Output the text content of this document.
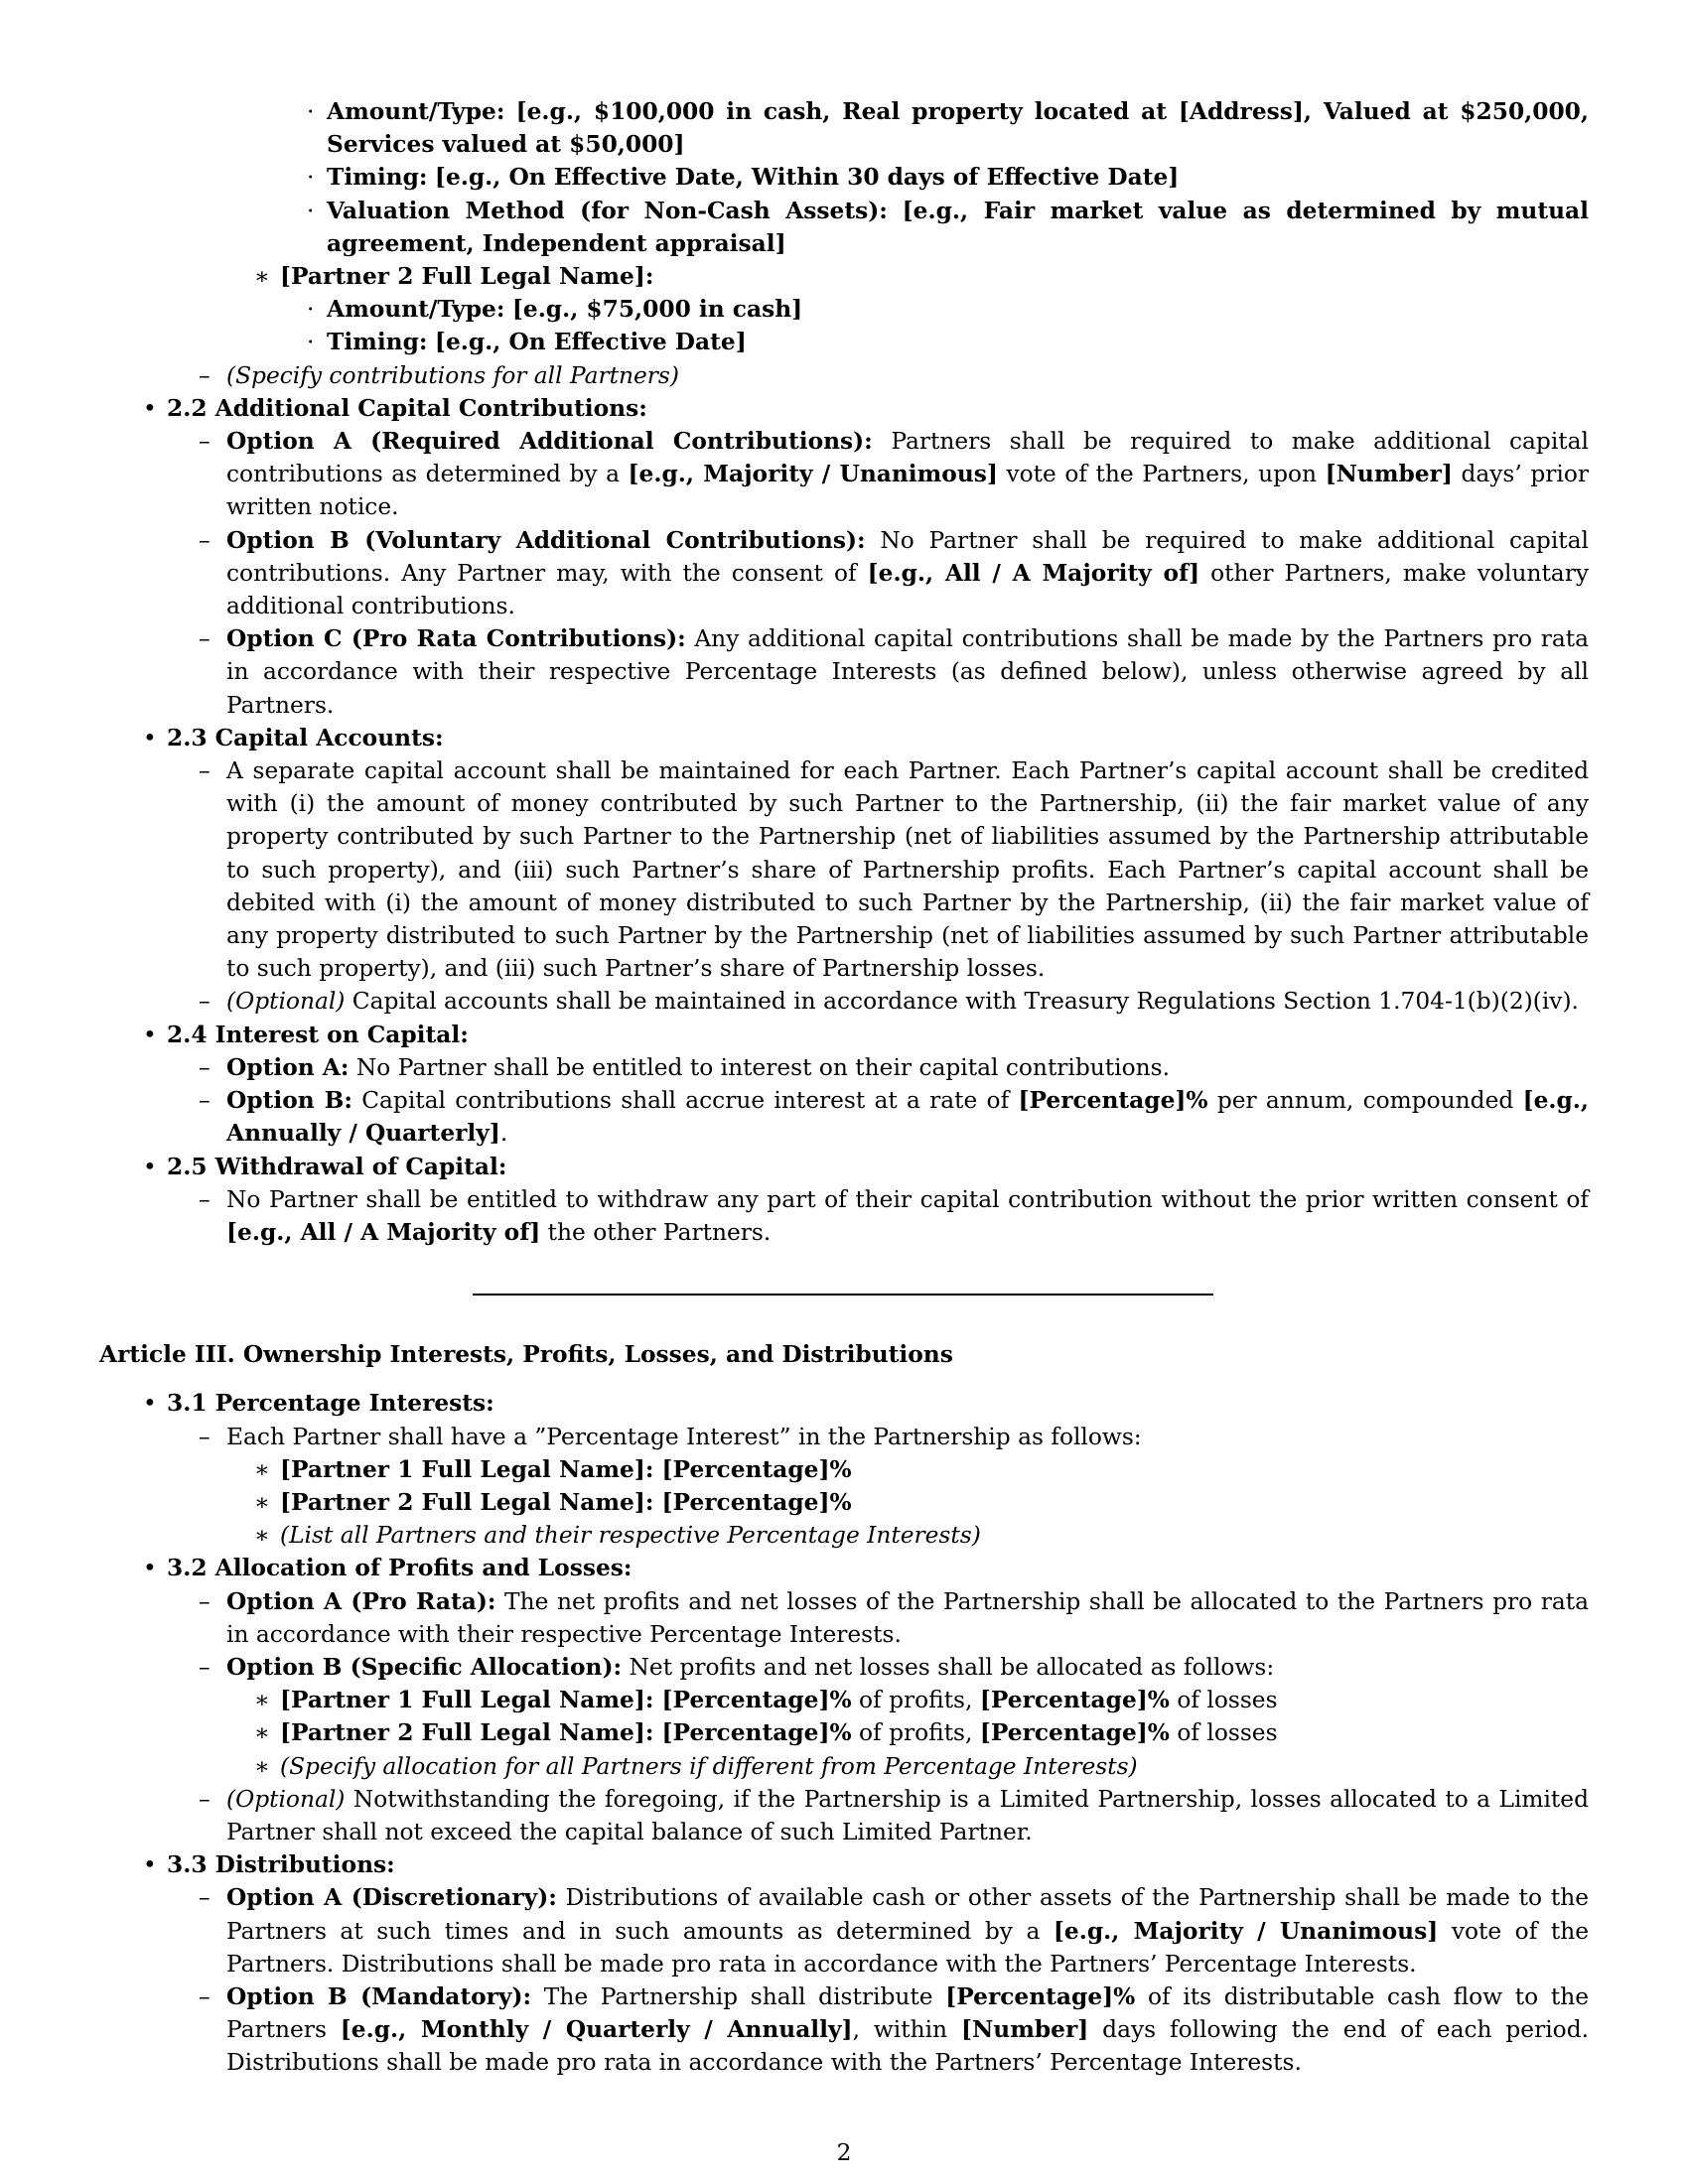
· Amount/Type: [e.g., $100,000 in cash, Real property located at [Address], Valued at $250,000, Services valued at $50,000]
· Timing: [e.g., On Effective Date, Within 30 days of Effective Date]
· Valuation Method (for Non-Cash Assets): [e.g., Fair market value as determined by mutual agreement, Independent appraisal]
∗ [Partner 2 Full Legal Name]:
· Amount/Type: [e.g., $75,000 in cash]
· Timing: [e.g., On Effective Date]
– (Specify contributions for all Partners)
• 2.2 Additional Capital Contributions:
– Option A (Required Additional Contributions): Partners shall be required to make additional capital contributions as determined by a [e.g., Majority / Unanimous] vote of the Partners, upon [Number] days’ prior written notice.
– Option B (Voluntary Additional Contributions): No Partner shall be required to make additional capital contributions. Any Partner may, with the consent of [e.g., All / A Majority of] other Partners, make voluntary additional contributions.
– Option C (Pro Rata Contributions): Any additional capital contributions shall be made by the Partners pro rata in accordance with their respective Percentage Interests (as defined below), unless otherwise agreed by all Partners.
• 2.3 Capital Accounts:
– A separate capital account shall be maintained for each Partner. Each Partner’s capital account shall be credited with (i) the amount of money contributed by such Partner to the Partnership, (ii) the fair market value of any property contributed by such Partner to the Partnership (net of liabilities assumed by the Partnership attributable to such property), and (iii) such Partner’s share of Partnership profits. Each Partner’s capital account shall be debited with (i) the amount of money distributed to such Partner by the Partnership, (ii) the fair market value of any property distributed to such Partner by the Partnership (net of liabilities assumed by such Partner attributable to such property), and (iii) such Partner’s share of Partnership losses.
– (Optional) Capital accounts shall be maintained in accordance with Treasury Regulations Section 1.704-1(b)(2)(iv).
• 2.4 Interest on Capital:
– Option A: No Partner shall be entitled to interest on their capital contributions.
– Option B: Capital contributions shall accrue interest at a rate of [Percentage]% per annum, compounded [e.g., Annually / Quarterly].
• 2.5 Withdrawal of Capital:
– No Partner shall be entitled to withdraw any part of their capital contribution without the prior written consent of [e.g., All / A Majority of] the other Partners.
Article III. Ownership Interests, Profits, Losses, and Distributions
• 3.1 Percentage Interests:
– Each Partner shall have a ”Percentage Interest” in the Partnership as follows:
∗ [Partner 1 Full Legal Name]: [Percentage]%
∗ [Partner 2 Full Legal Name]: [Percentage]%
∗ (List all Partners and their respective Percentage Interests)
• 3.2 Allocation of Profits and Losses:
– Option A (Pro Rata): The net profits and net losses of the Partnership shall be allocated to the Partners pro rata in accordance with their respective Percentage Interests.
– Option B (Specific Allocation): Net profits and net losses shall be allocated as follows:
∗ [Partner 1 Full Legal Name]: [Percentage]% of profits, [Percentage]% of losses
∗ [Partner 2 Full Legal Name]: [Percentage]% of profits, [Percentage]% of losses
∗ (Specify allocation for all Partners if different from Percentage Interests)
– (Optional) Notwithstanding the foregoing, if the Partnership is a Limited Partnership, losses allocated to a Limited Partner shall not exceed the capital balance of such Limited Partner.
• 3.3 Distributions:
– Option A (Discretionary): Distributions of available cash or other assets of the Partnership shall be made to the Partners at such times and in such amounts as determined by a [e.g., Majority / Unanimous] vote of the Partners. Distributions shall be made pro rata in accordance with the Partners’ Percentage Interests.
– Option B (Mandatory): The Partnership shall distribute [Percentage]% of its distributable cash flow to the Partners [e.g., Monthly / Quarterly / Annually], within [Number] days following the end of each period. Distributions shall be made pro rata in accordance with the Partners’ Percentage Interests.
2
